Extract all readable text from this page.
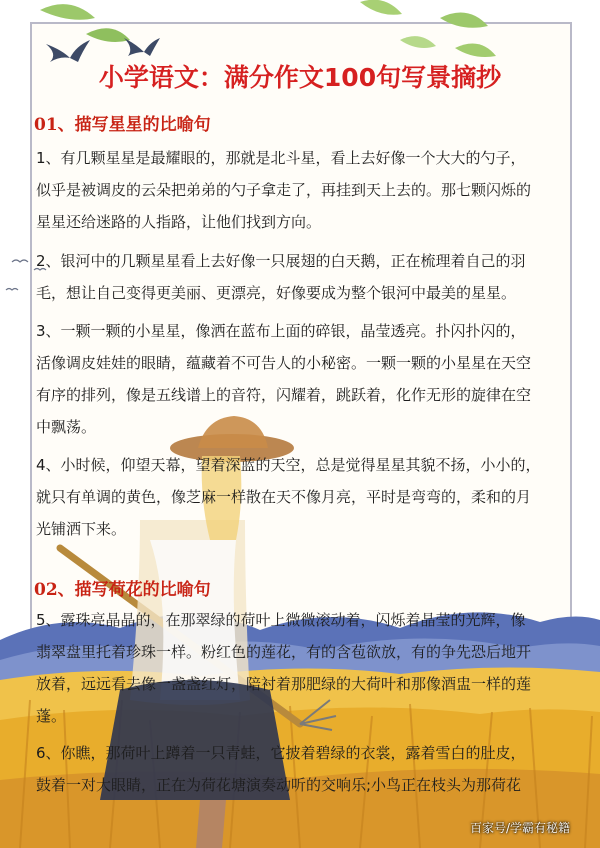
小学语文：满分作文100句写景摘抄
01、描写星星的比喻句

1、有几颗星星是最耀眼的，那就是北斗星，看上去好像一个大大的勺子，

似乎是被调皮的云朵把弟弟的勺子拿走了，再挂到天上去的。那七颗闪烁的

星星还给迷路的人指路，让他们找到方向。

2、银河中的几颗星星看上去好像一只展翅的白天鹅，正在梳理着自己的羽

毛，想让自己变得更美丽、更漂亮，好像要成为整个银河中最美的星星。

3、一颗一颗的小星星，像洒在蓝布上面的碎银，晶莹透亮。扑闪扑闪的，

活像调皮娃娃的眼睛，蕴藏着不可告人的小秘密。一颗一颗的小星星在天空

有序的排列，像是五线谱上的音符，闪耀着，跳跃着，化作无形的旋律在空

中飘荡。

4、小时候，仰望天幕，望着深蓝的天空，总是觉得星星其貌不扬，小小的，

就只有单调的黄色，像芝麻一样散在天不像月亮，平时是弯弯的，柔和的月

光铺洒下来。

02、描写荷花的比喻句

5、露珠亮晶晶的，在那翠绿的荷叶上微微滚动着，闪烁着晶莹的光辉，像

翡翠盘里托着珍珠一样。粉红色的莲花，有的含苞欲放，有的争先恐后地开

放着，远远看去像一盏盏红灯，陪衬着那肥绿的大荷叶和那像酒盅一样的莲

蓬。

6、你瞧，那荷叶上蹲着一只青蛙，它披着碧绿的衣裳，露着雪白的肚皮，

鼓着一对大眼睛，正在为荷花塘演奏动听的交响乐;小鸟正在枝头为那荷花

百家号/学霸有秘籍
